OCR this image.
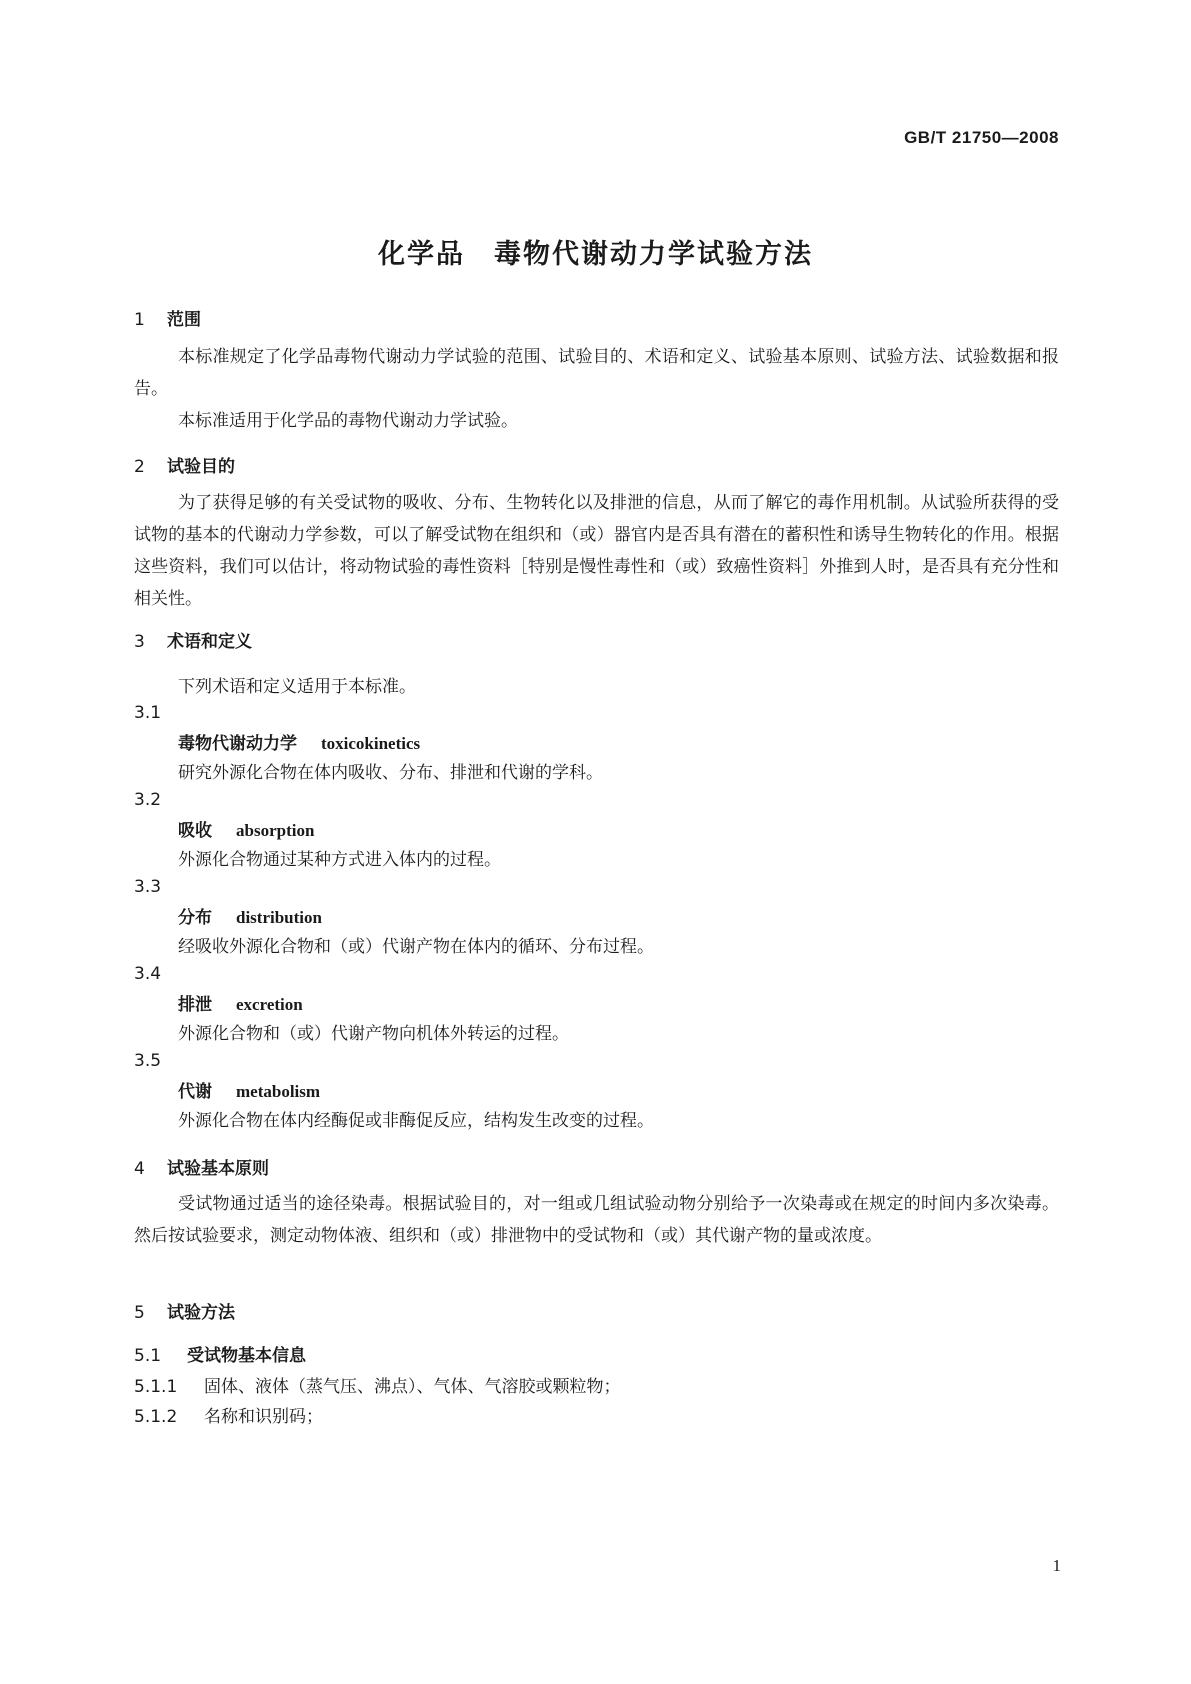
GB/T 21750—2008
化学品　毒物代谢动力学试验方法
1 范围
本标准规定了化学品毒物代谢动力学试验的范围、试验目的、术语和定义、试验基本原则、试验方法、试验数据和报告。
本标准适用于化学品的毒物代谢动力学试验。
2 试验目的
为了获得足够的有关受试物的吸收、分布、生物转化以及排泄的信息，从而了解它的毒作用机制。从试验所获得的受试物的基本的代谢动力学参数，可以了解受试物在组织和（或）器官内是否具有潜在的蓄积性和诱导生物转化的作用。根据这些资料，我们可以估计，将动物试验的毒性资料［特别是慢性毒性和（或）致癌性资料］外推到人时，是否具有充分性和相关性。
3 术语和定义
下列术语和定义适用于本标准。
3.1
毒物代谢动力学 toxicokinetics
研究外源化合物在体内吸收、分布、排泄和代谢的学科。
3.2
吸收 absorption
外源化合物通过某种方式进入体内的过程。
3.3
分布 distribution
经吸收外源化合物和（或）代谢产物在体内的循环、分布过程。
3.4
排泄 excretion
外源化合物和（或）代谢产物向机体外转运的过程。
3.5
代谢 metabolism
外源化合物在体内经酶促或非酶促反应，结构发生改变的过程。
4 试验基本原则
受试物通过适当的途径染毒。根据试验目的，对一组或几组试验动物分别给予一次染毒或在规定的时间内多次染毒。然后按试验要求，测定动物体液、组织和（或）排泄物中的受试物和（或）其代谢产物的量或浓度。
5 试验方法
5.1 受试物基本信息
5.1.1 固体、液体（蒸气压、沸点）、气体、气溶胶或颗粒物；
5.1.2 名称和识别码；
1
